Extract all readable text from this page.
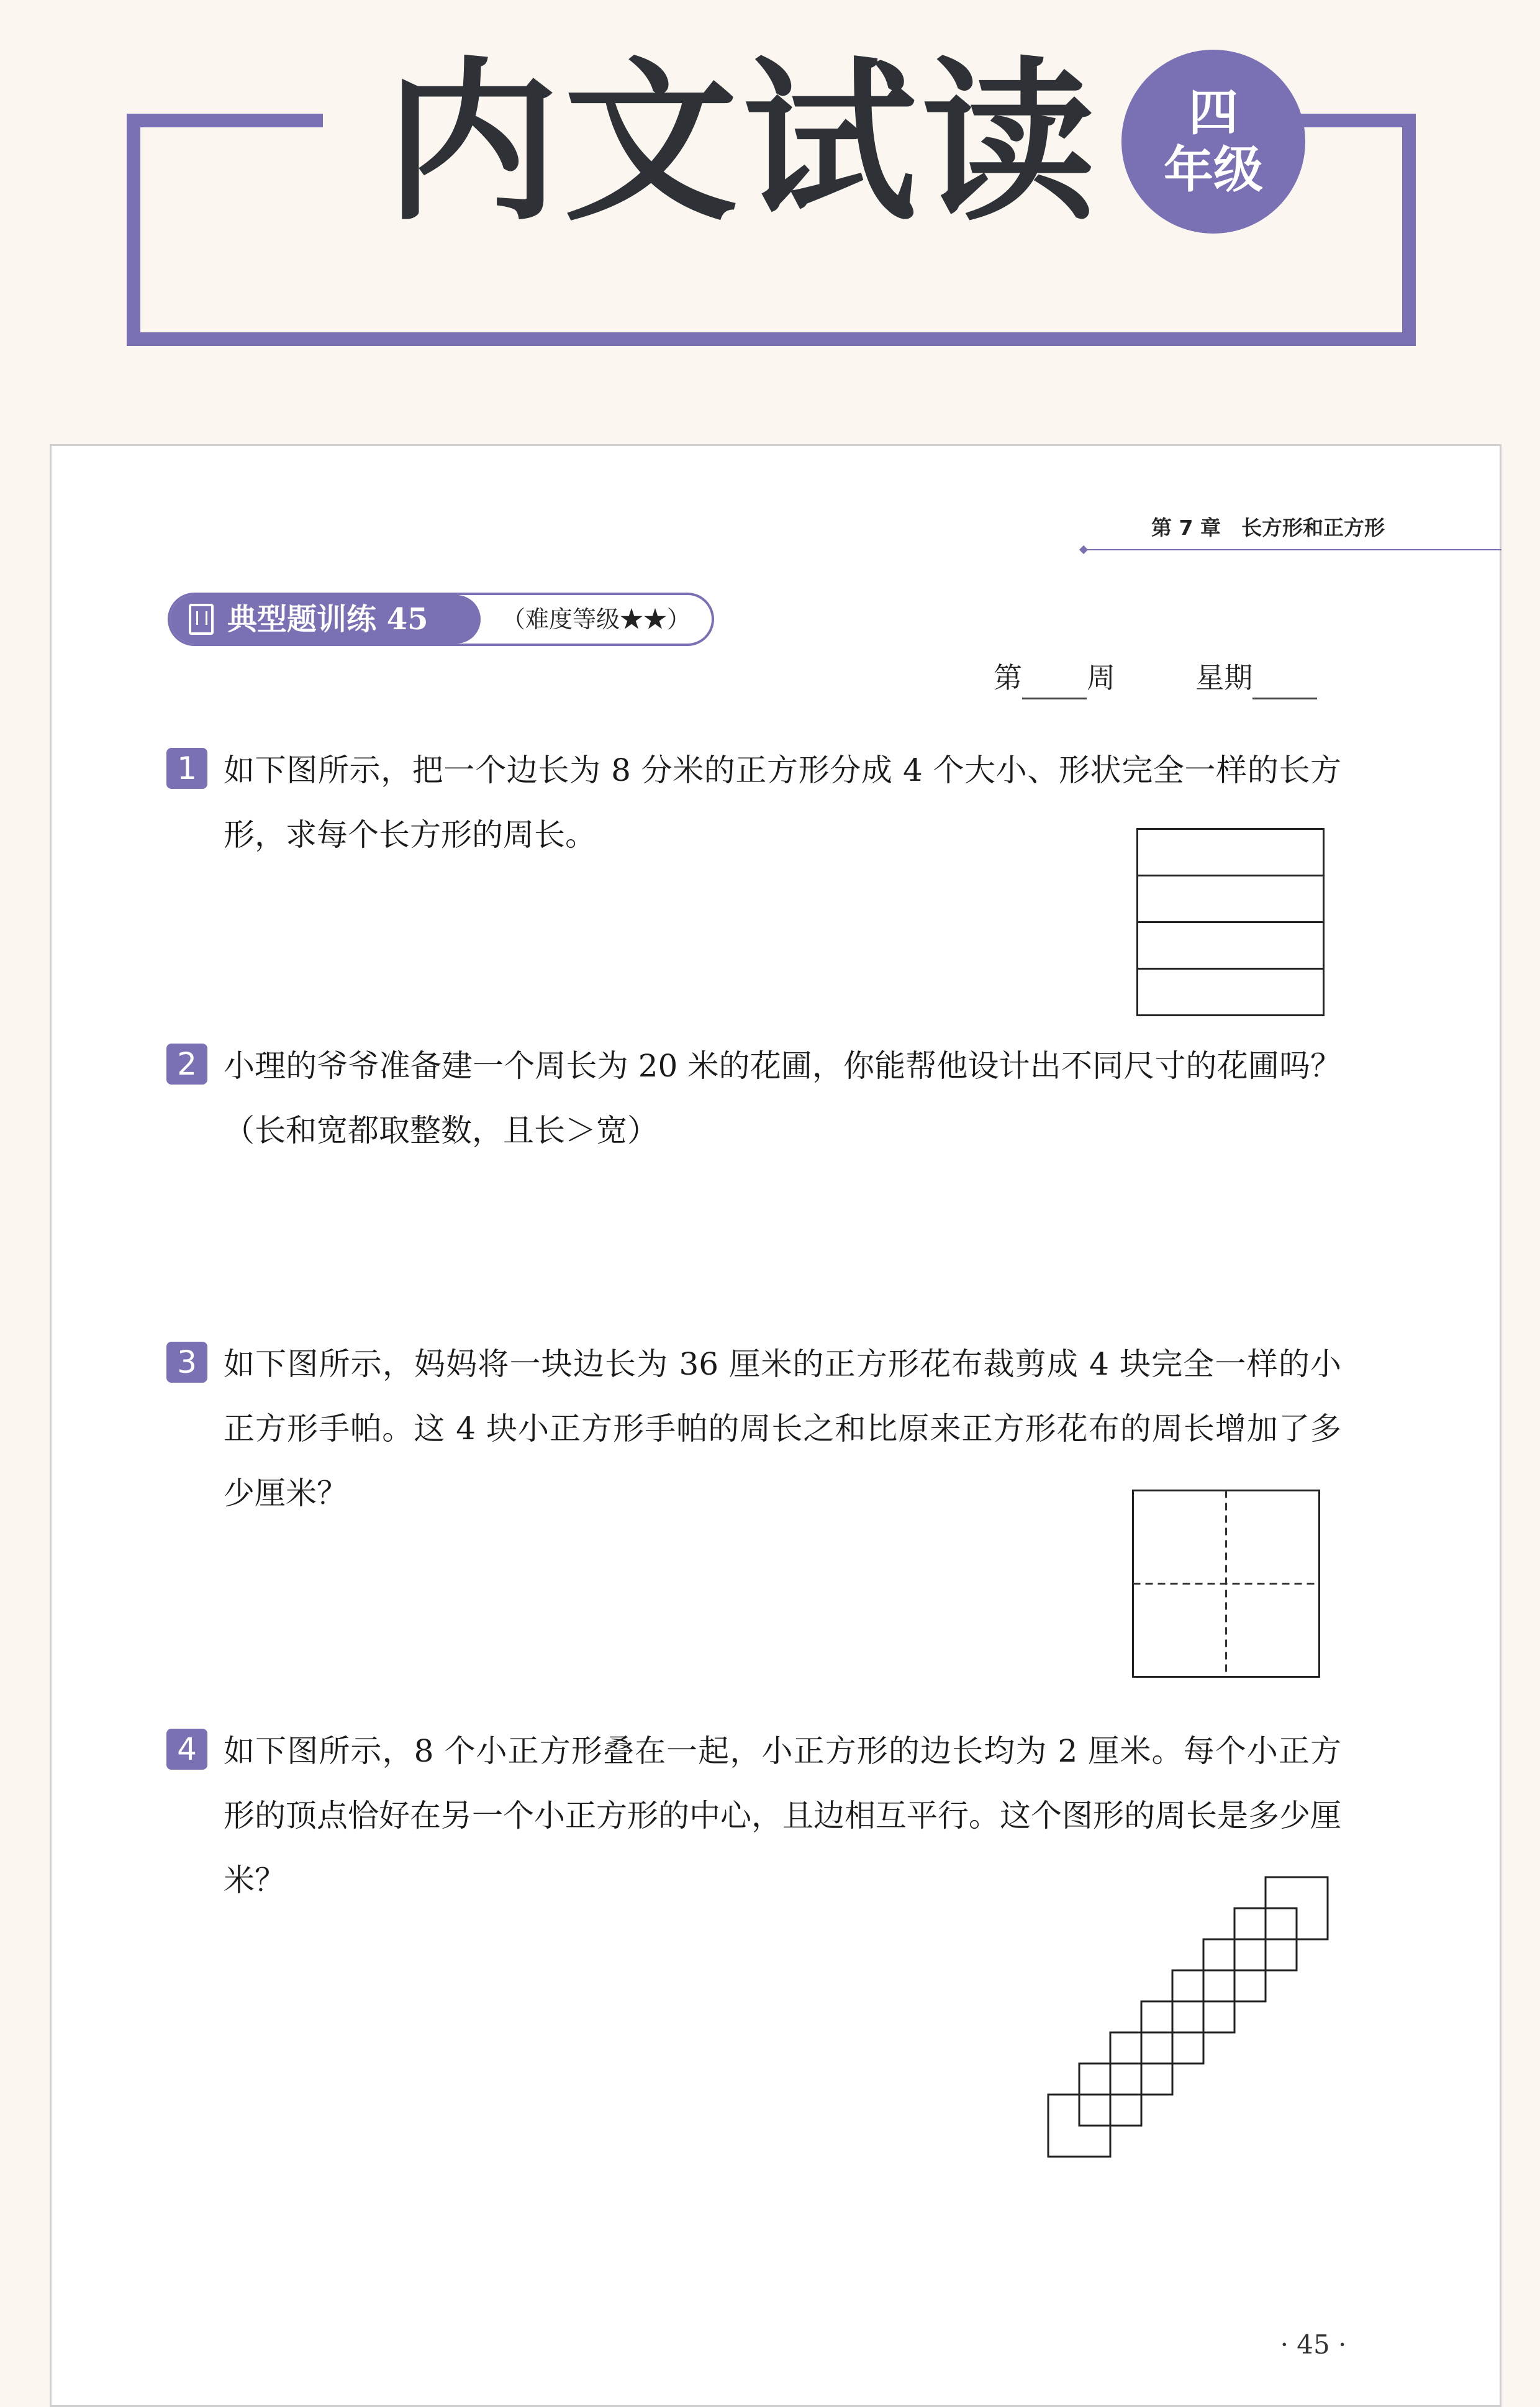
内文试读 四
年级
第 7 章　长方形和正方形
典型题训练 45	（难度等级★★）
第 周	星期
1 如下图所示，把一个边长为 8 分米的正方形分成 4 个大小、形状完全一样的长方形，求每个长方形的周长。
2 小理的爷爷准备建一个周长为 20 米的花圃，你能帮他设计出不同尺寸的花圃吗？（长和宽都取整数，且长＞宽）
3 如下图所示，妈妈将一块边长为 36 厘米的正方形花布裁剪成 4 块完全一样的小正方形手帕。这 4 块小正方形手帕的周长之和比原来正方形花布的周长增加了多少厘米？
4 如下图所示，8 个小正方形叠在一起，小正方形的边长均为 2 厘米。每个小正方形的顶点恰好在另一个小正方形的中心，且边相互平行。这个图形的周长是多少厘米？
· 45 ·
